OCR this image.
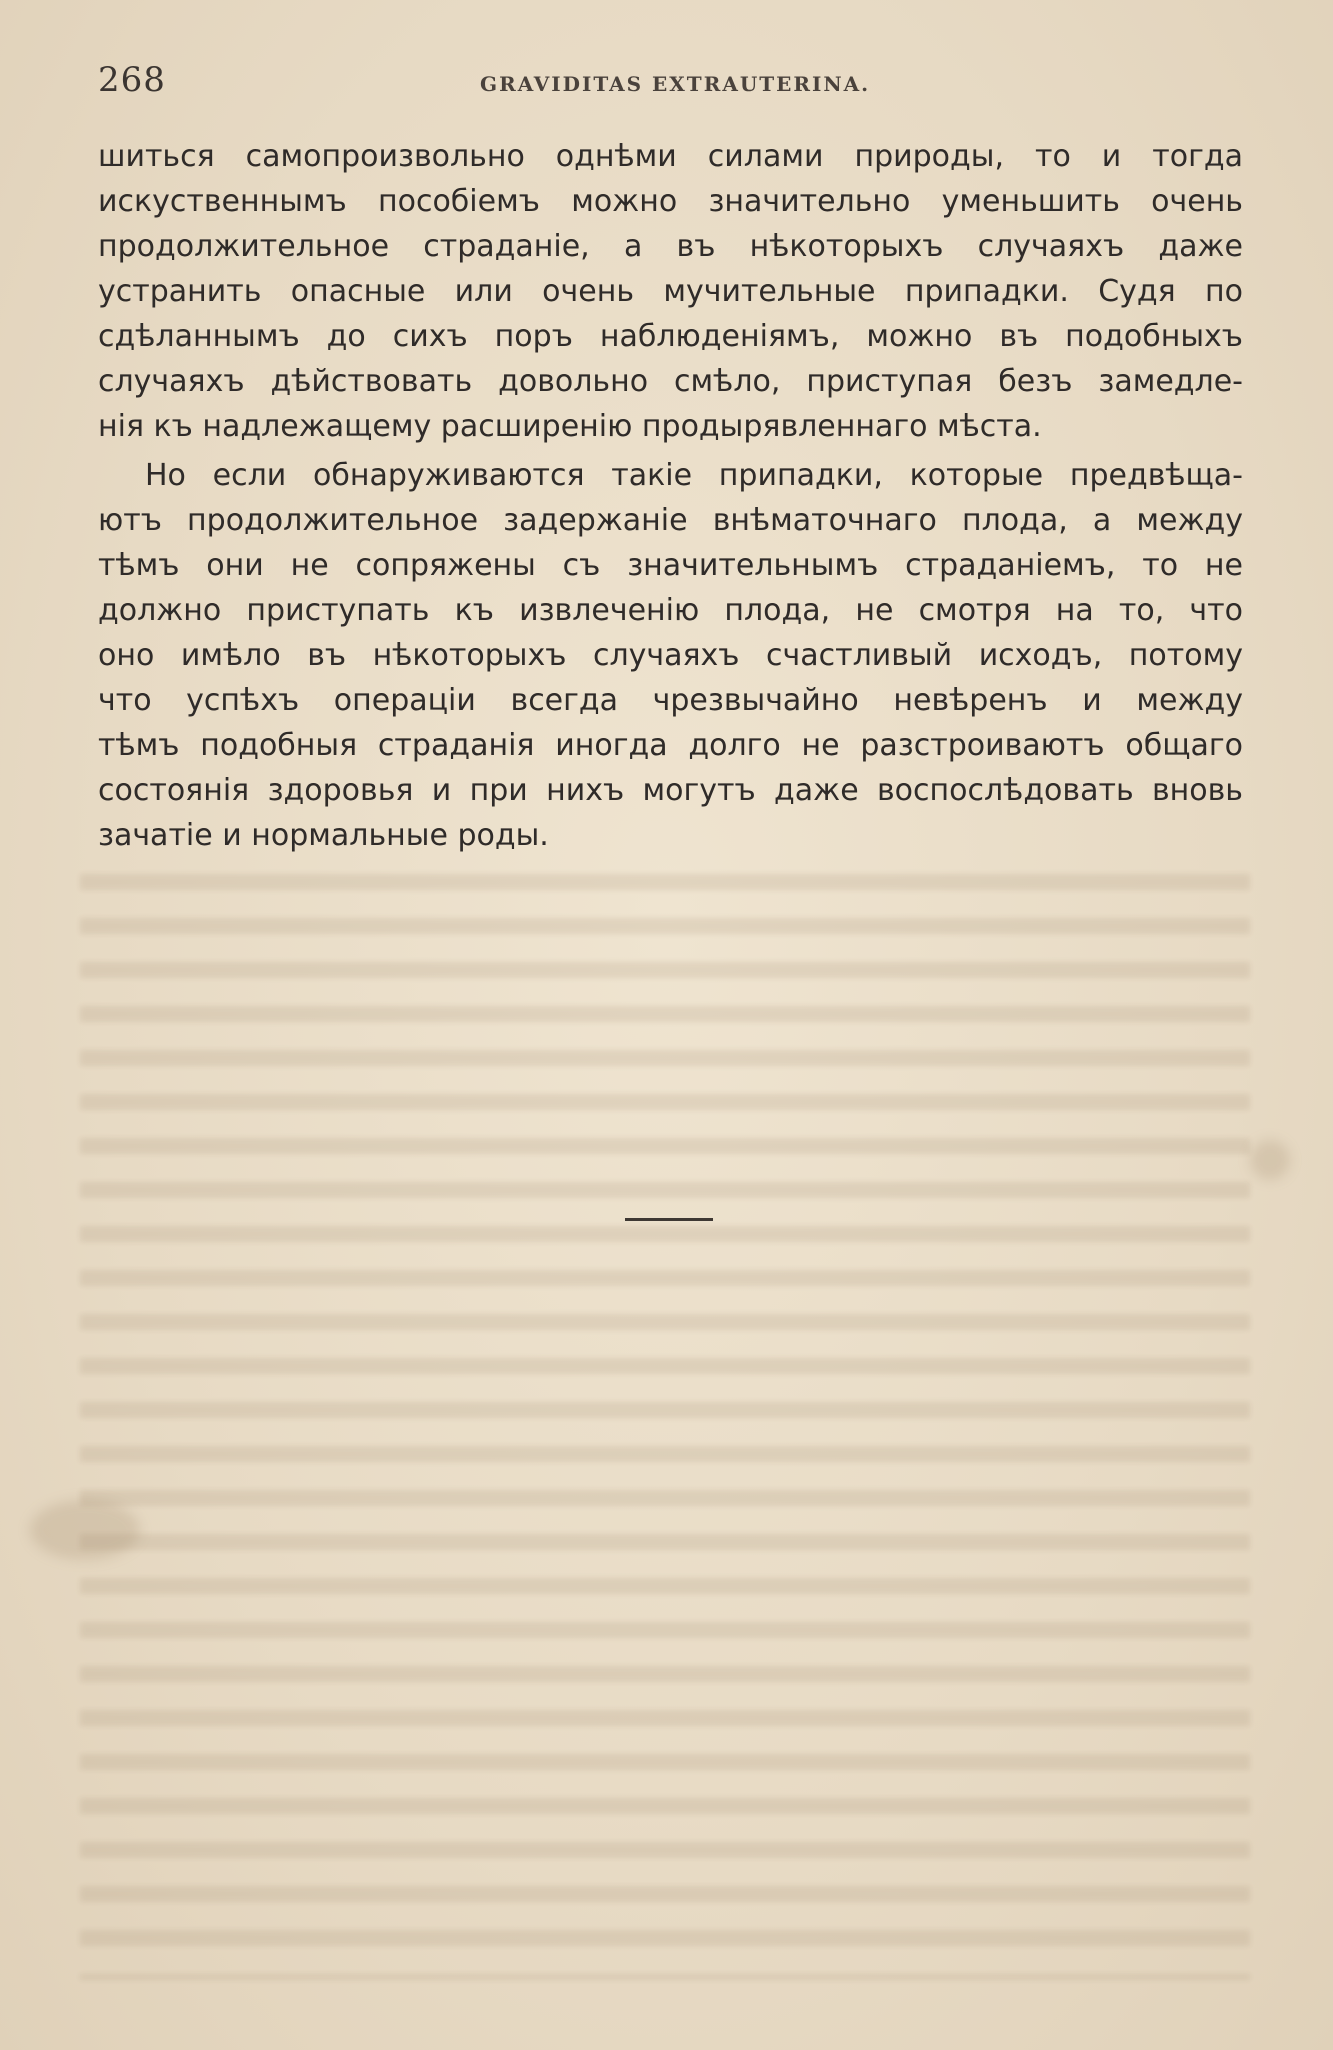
268	GRAVIDITAS EXTRAUTERINA.
шиться самопроизвольно однѣми силами природы, то и тогда
искуственнымъ пособіемъ можно значительно уменьшить очень
продолжительное страданіе, а въ нѣкоторыхъ случаяхъ даже
устранить опасные или очень мучительные припадки. Судя по
сдѣланнымъ до сихъ поръ наблюденіямъ, можно въ подобныхъ
случаяхъ дѣйствовать довольно смѣло, приступая безъ замедле-
нія къ надлежащему расширенію продырявленнаго мѣста.
Но если обнаруживаются такіе припадки, которые предвѣща-
ютъ продолжительное задержаніе внѣматочнаго плода, а между
тѣмъ они не сопряжены съ значительнымъ страданіемъ, то не
должно приступать къ извлеченію плода, не смотря на то, что
оно имѣло въ нѣкоторыхъ случаяхъ счастливый исходъ, потому
что успѣхъ операціи всегда чрезвычайно невѣренъ и между
тѣмъ подобныя страданія иногда долго не разстроиваютъ общаго
состоянія здоровья и при нихъ могутъ даже воспослѣдовать вновь
зачатіе и нормальные роды.
